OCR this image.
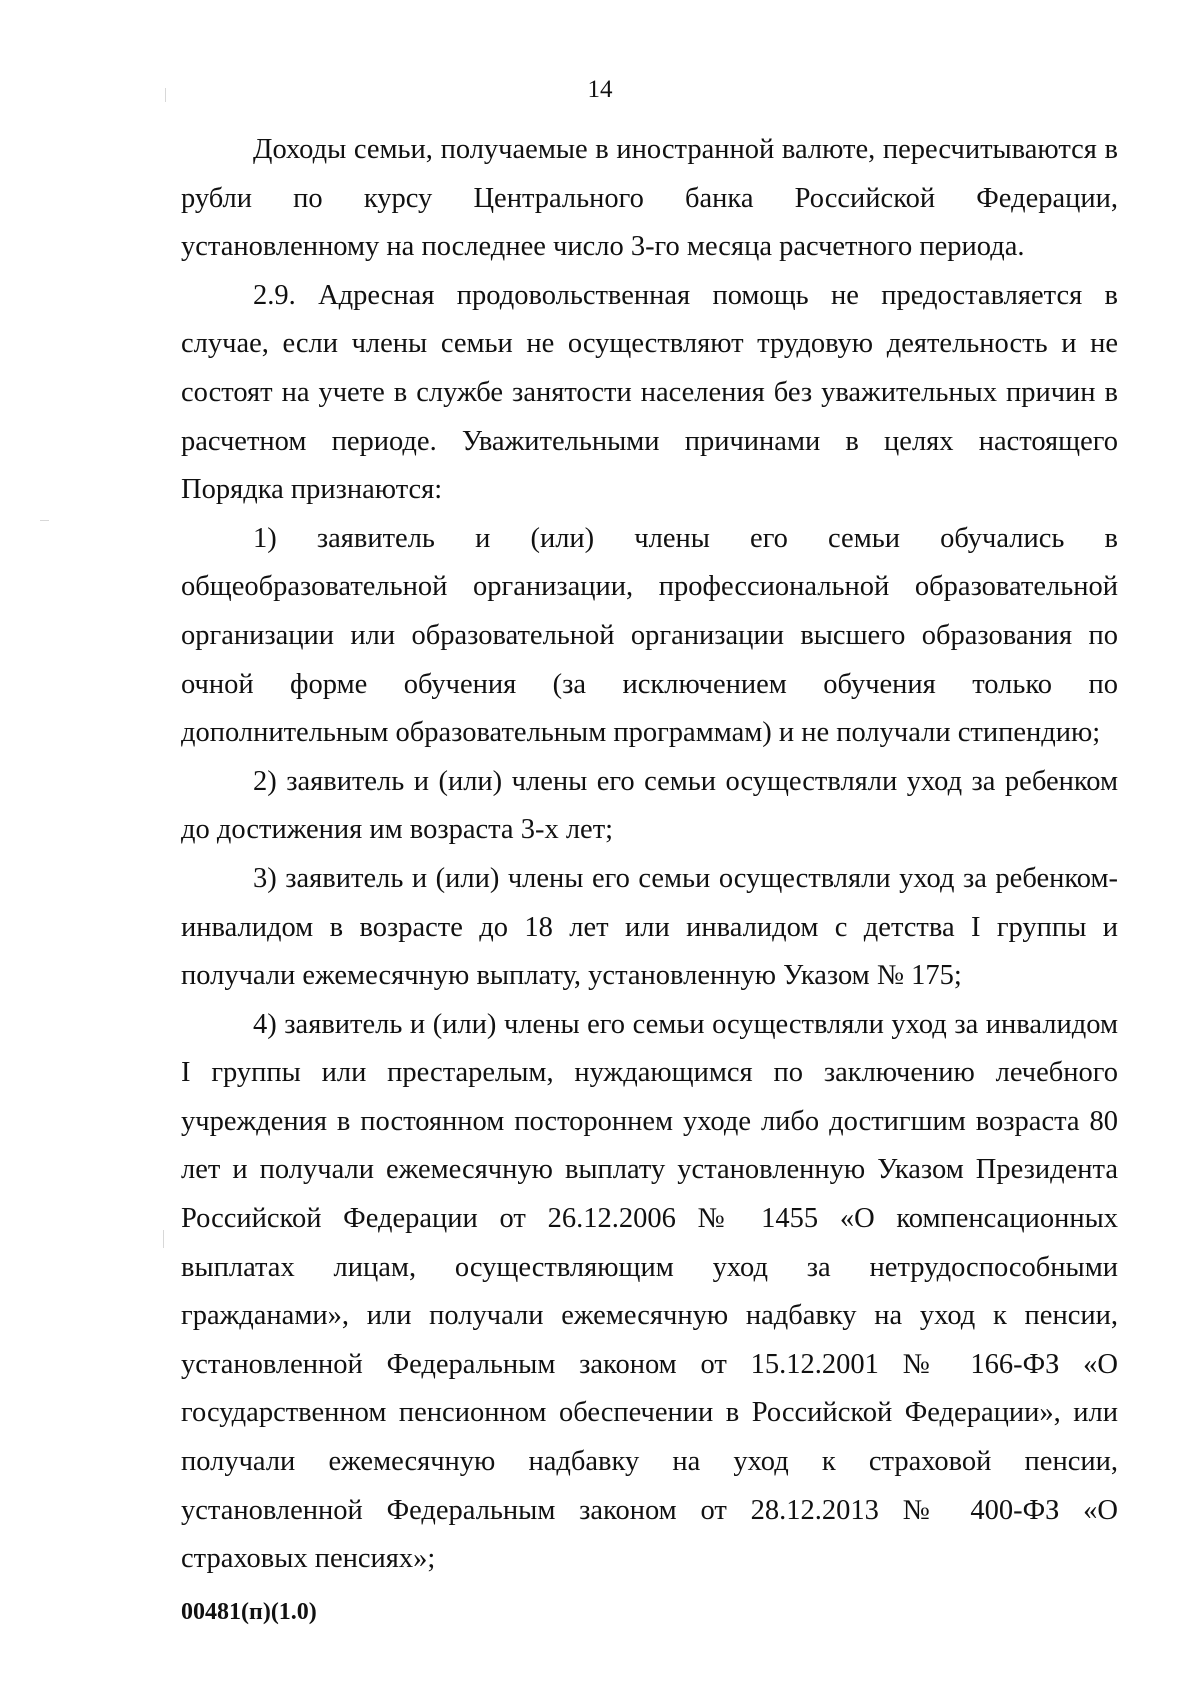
14

Доходы семьи, получаемые в иностранной валюте, пересчитываются в рубли по курсу Центрального банка Российской Федерации, установленному на последнее число 3-го месяца расчетного периода.

2.9. Адресная продовольственная помощь не предоставляется в случае, если члены семьи не осуществляют трудовую деятельность и не состоят на учете в службе занятости населения без уважительных причин в расчетном периоде. Уважительными причинами в целях настоящего Порядка признаются:

1) заявитель и (или) члены его семьи обучались в общеобразовательной организации, профессиональной образовательной организации или образовательной организации высшего образования по очной форме обучения (за исключением обучения только по дополнительным образовательным программам) и не получали стипендию;

2) заявитель и (или) члены его семьи осуществляли уход за ребенком до достижения им возраста 3-х лет;

3) заявитель и (или) члены его семьи осуществляли уход за ребенком-инвалидом в возрасте до 18 лет или инвалидом с детства I группы и получали ежемесячную выплату, установленную Указом № 175;

4) заявитель и (или) члены его семьи осуществляли уход за инвалидом I группы или престарелым, нуждающимся по заключению лечебного учреждения в постоянном постороннем уходе либо достигшим возраста 80 лет и получали ежемесячную выплату установленную Указом Президента Российской Федерации от 26.12.2006 № 1455 «О компенсационных выплатах лицам, осуществляющим уход за нетрудоспособными гражданами», или получали ежемесячную надбавку на уход к пенсии, установленной Федеральным законом от 15.12.2001 № 166-ФЗ «О государственном пенсионном обеспечении в Российской Федерации», или получали ежемесячную надбавку на уход к страховой пенсии, установленной Федеральным законом от 28.12.2013 № 400-ФЗ «О страховых пенсиях»;

00481(п)(1.0)
